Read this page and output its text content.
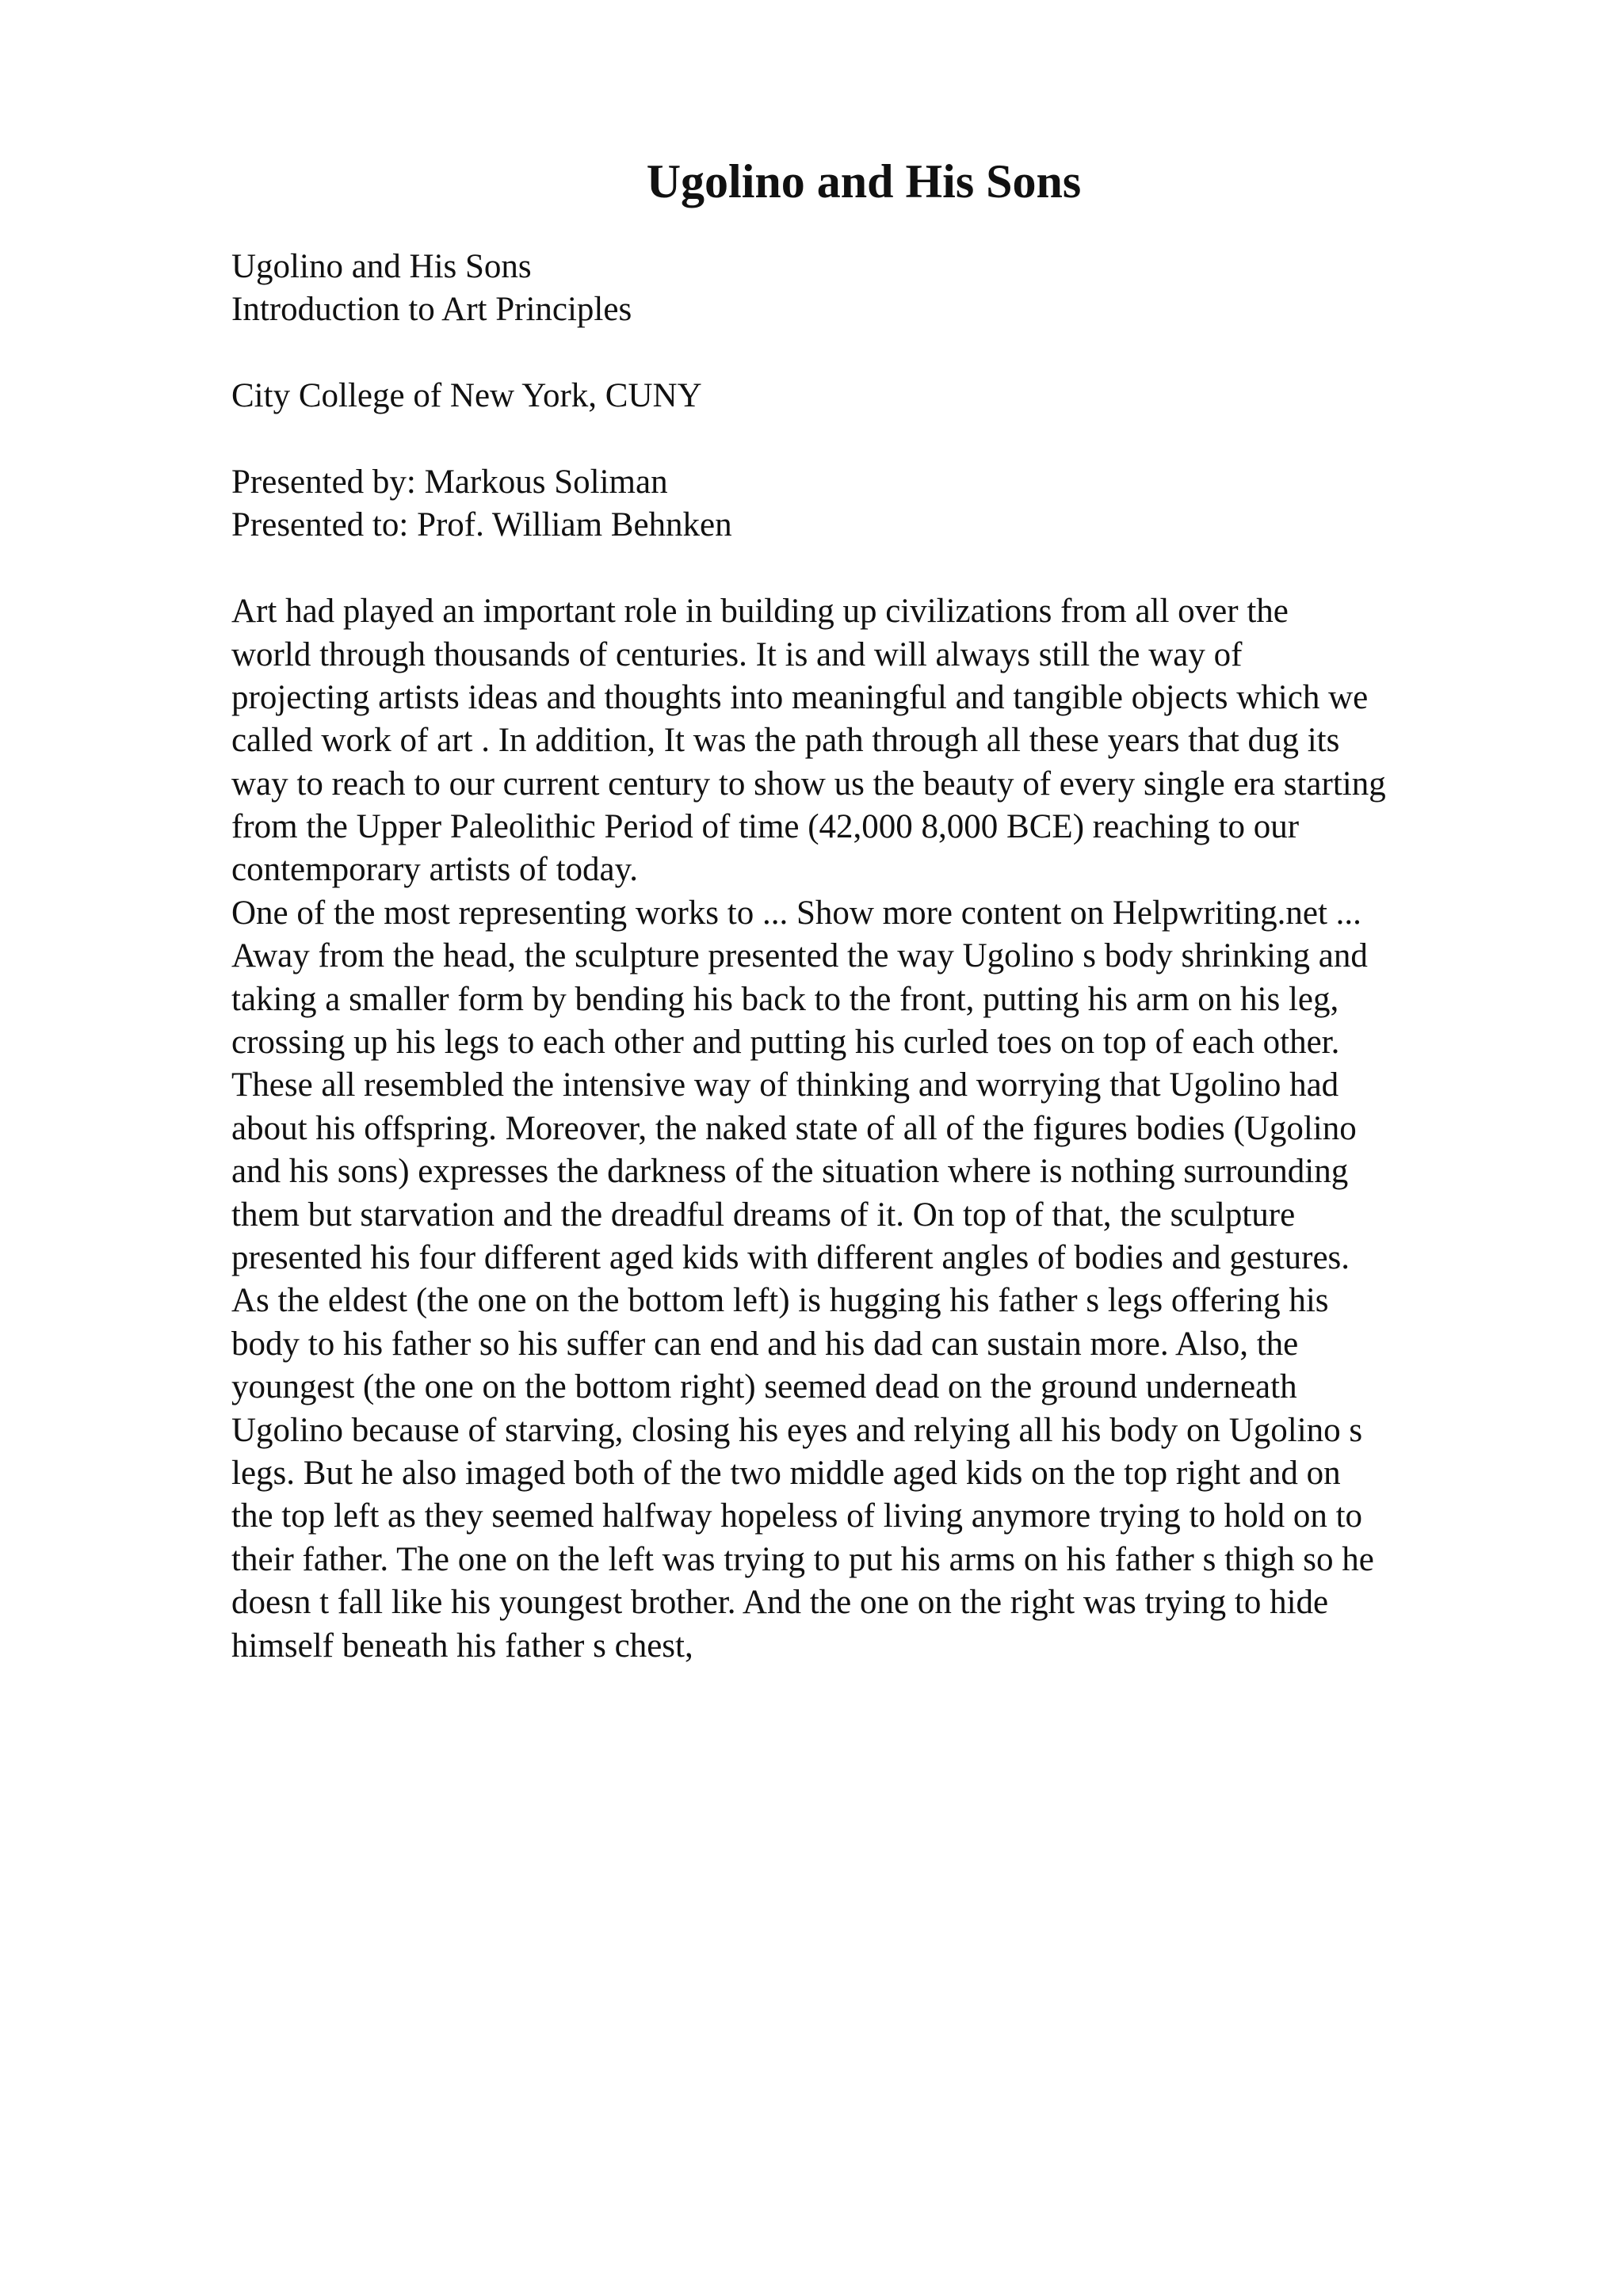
Ugolino and His Sons
Ugolino and His Sons
Introduction to Art Principles
City College of New York, CUNY
Presented by: Markous Soliman
Presented to: Prof. William Behnken
Art had played an important role in building up civilizations from all over the
world through thousands of centuries. It is and will always still the way of
projecting artists ideas and thoughts into meaningful and tangible objects which we
called work of art . In addition, It was the path through all these years that dug its
way to reach to our current century to show us the beauty of every single era starting
from the Upper Paleolithic Period of time (42,000 8,000 BCE) reaching to our
contemporary artists of today.
One of the most representing works to ... Show more content on Helpwriting.net ...
Away from the head, the sculpture presented the way Ugolino s body shrinking and
taking a smaller form by bending his back to the front, putting his arm on his leg,
crossing up his legs to each other and putting his curled toes on top of each other.
These all resembled the intensive way of thinking and worrying that Ugolino had
about his offspring. Moreover, the naked state of all of the figures bodies (Ugolino
and his sons) expresses the darkness of the situation where is nothing surrounding
them but starvation and the dreadful dreams of it. On top of that, the sculpture
presented his four different aged kids with different angles of bodies and gestures.
As the eldest (the one on the bottom left) is hugging his father s legs offering his
body to his father so his suffer can end and his dad can sustain more. Also, the
youngest (the one on the bottom right) seemed dead on the ground underneath
Ugolino because of starving, closing his eyes and relying all his body on Ugolino s
legs. But he also imaged both of the two middle aged kids on the top right and on
the top left as they seemed halfway hopeless of living anymore trying to hold on to
their father. The one on the left was trying to put his arms on his father s thigh so he
doesn t fall like his youngest brother. And the one on the right was trying to hide
himself beneath his father s chest,
